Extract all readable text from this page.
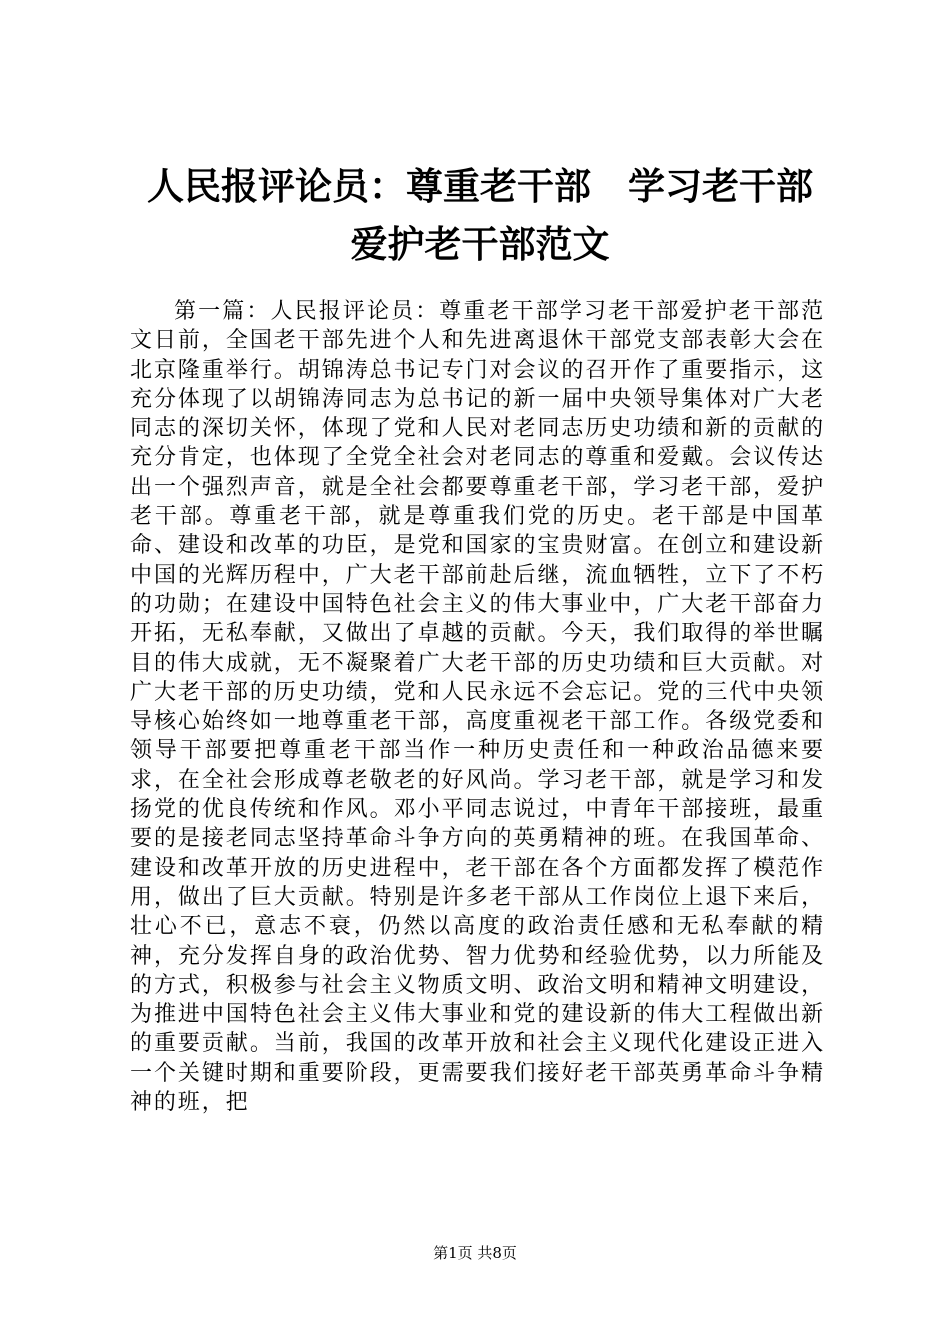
人民报评论员：尊重老干部　学习老干部　爱护老干部范文

第一篇：人民报评论员：尊重老干部学习老干部爱护老干部范文日前，全国老干部先进个人和先进离退休干部党支部表彰大会在北京隆重举行。胡锦涛总书记专门对会议的召开作了重要指示，这充分体现了以胡锦涛同志为总书记的新一届中央领导集体对广大老同志的深切关怀，体现了党和人民对老同志历史功绩和新的贡献的充分肯定，也体现了全党全社会对老同志的尊重和爱戴。会议传达出一个强烈声音，就是全社会都要尊重老干部，学习老干部，爱护老干部。尊重老干部，就是尊重我们党的历史。老干部是中国革命、建设和改革的功臣，是党和国家的宝贵财富。在创立和建设新中国的光辉历程中，广大老干部前赴后继，流血牺牲，立下了不朽的功勋；在建设中国特色社会主义的伟大事业中，广大老干部奋力开拓，无私奉献，又做出了卓越的贡献。今天，我们取得的举世瞩目的伟大成就，无不凝聚着广大老干部的历史功绩和巨大贡献。对广大老干部的历史功绩，党和人民永远不会忘记。党的三代中央领导核心始终如一地尊重老干部，高度重视老干部工作。各级党委和领导干部要把尊重老干部当作一种历史责任和一种政治品德来要求，在全社会形成尊老敬老的好风尚。学习老干部，就是学习和发扬党的优良传统和作风。邓小平同志说过，中青年干部接班，最重要的是接老同志坚持革命斗争方向的英勇精神的班。在我国革命、建设和改革开放的历史进程中，老干部在各个方面都发挥了模范作用，做出了巨大贡献。特别是许多老干部从工作岗位上退下来后，壮心不已，意志不衰，仍然以高度的政治责任感和无私奉献的精神，充分发挥自身的政治优势、智力优势和经验优势，以力所能及的方式，积极参与社会主义物质文明、政治文明和精神文明建设，为推进中国特色社会主义伟大事业和党的建设新的伟大工程做出新的重要贡献。当前，我国的改革开放和社会主义现代化建设正进入一个关键时期和重要阶段，更需要我们接好老干部英勇革命斗争精神的班，把

第1页 共8页
